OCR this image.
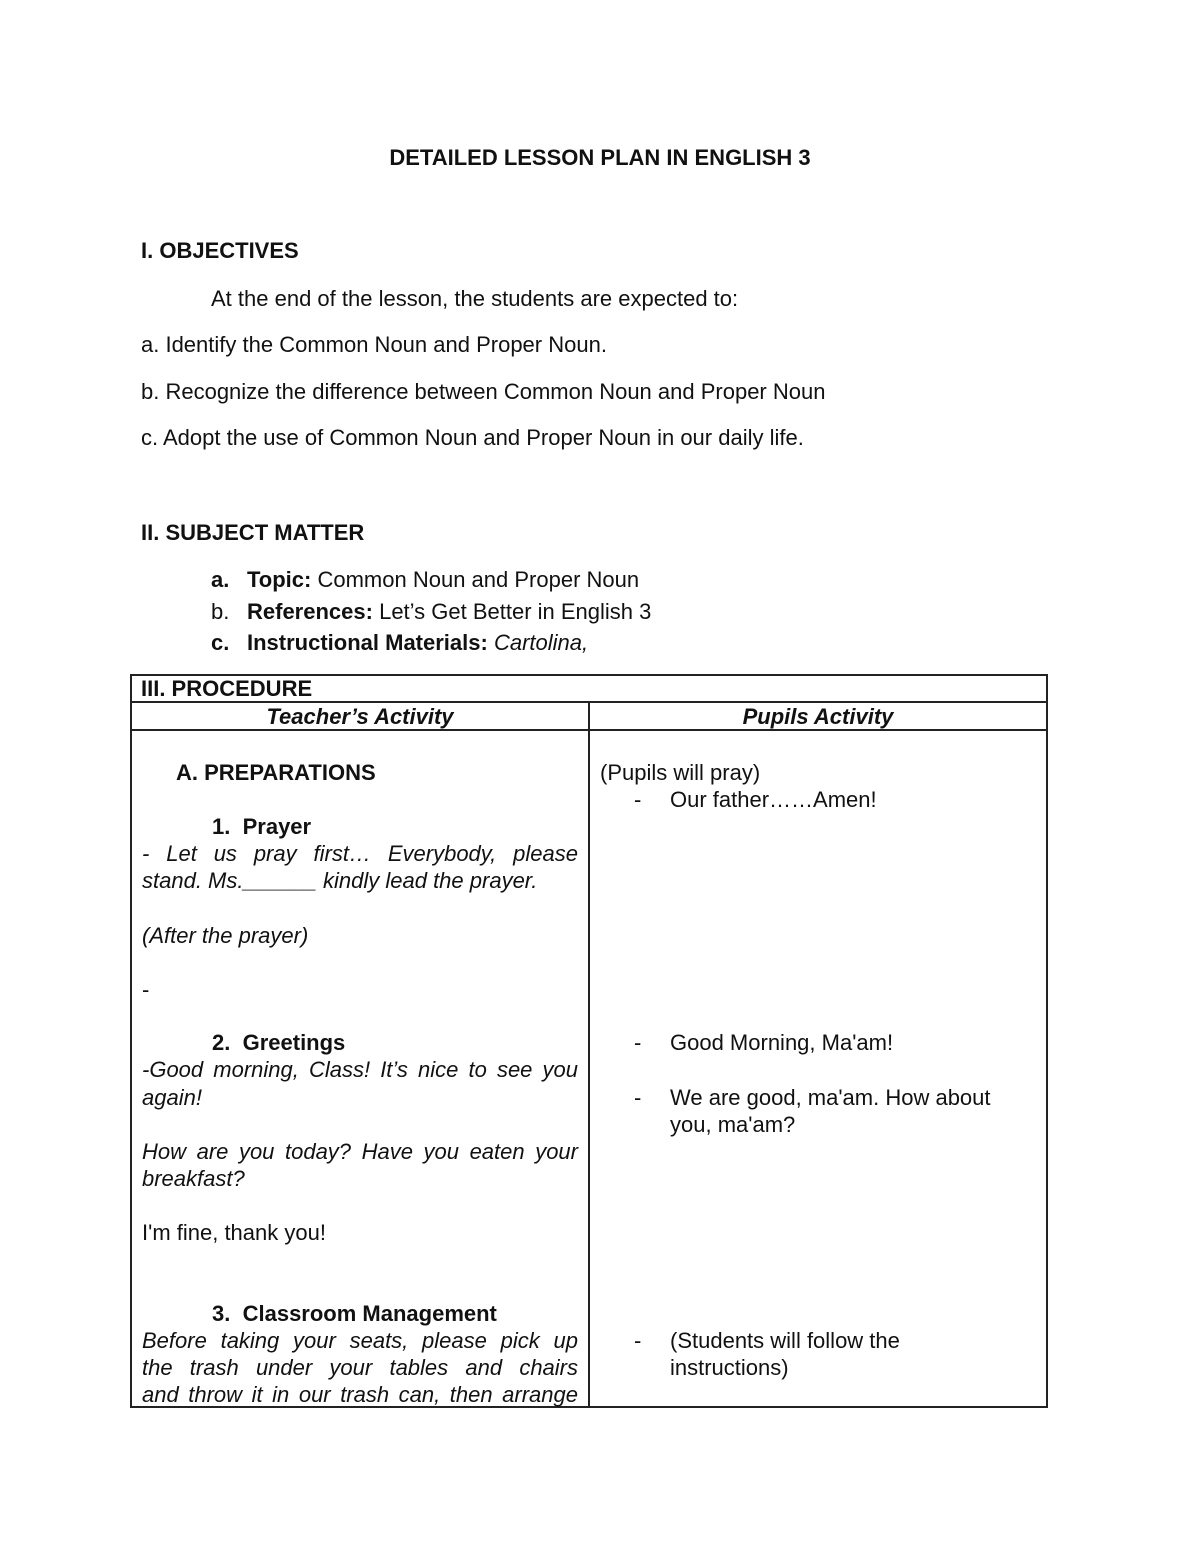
DETAILED LESSON PLAN IN ENGLISH 3
I. OBJECTIVES
At the end of the lesson, the students are expected to:
a. Identify the Common Noun and Proper Noun.
b. Recognize the difference between Common Noun and Proper Noun
c. Adopt the use of Common Noun and Proper Noun in our daily life.
II. SUBJECT MATTER
a. Topic: Common Noun and Proper Noun
b. References: Let’s Get Better in English 3
c. Instructional Materials: Cartolina,
III. PROCEDURE
Teacher’s Activity	Pupils Activity
A. PREPARATIONS
1. Prayer
- Let us pray first… Everybody, please
stand. Ms.______ kindly lead the prayer.
(After the prayer)
-
2. Greetings
-Good morning, Class! It’s nice to see you
again!
How are you today? Have you eaten your
breakfast?
I'm fine, thank you!
3. Classroom Management
Before taking your seats, please pick up
the trash under your tables and chairs
and throw it in our trash can, then arrange
(Pupils will pray)
- Our father……Amen!
- Good Morning, Ma'am!
- We are good, ma'am. How about
you, ma'am?
- (Students will follow the
instructions)
